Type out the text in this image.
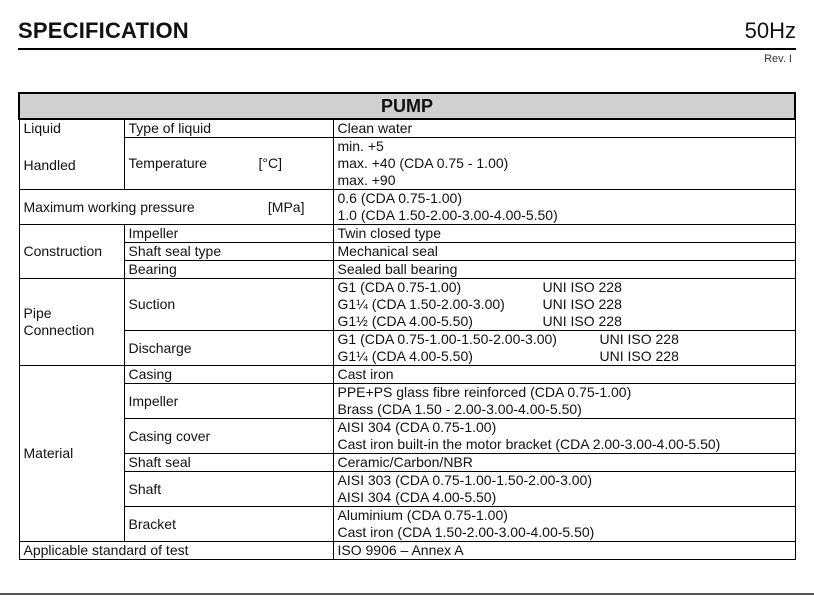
SPECIFICATION	50Hz
Rev. I
PUMP		

Liquid
Handled	Type of liquid	Clean water
	Temperature [°C]	min. +5
max. +40 (CDA 0.75 - 1.00)
max. +90

Maximum working pressure [MPa]		0.6 (CDA 0.75-1.00)
1.0 (CDA 1.50-2.00-3.00-4.00-5.50)

Construction	Impeller	Twin closed type
	Shaft seal type	Mechanical seal
	Bearing	Sealed ball bearing

Pipe
Connection	Suction	G1 (CDA 0.75-1.00) UNI ISO 228
G1¼ (CDA 1.50-2.00-3.00) UNI ISO 228
G1½ (CDA 4.00-5.50) UNI ISO 228

	Discharge	G1 (CDA 0.75-1.00-1.50-2.00-3.00) UNI ISO 228
G1¼ (CDA 4.00-5.50) UNI ISO 228

Material	Casing	Cast iron
	Impeller	PPE+PS glass fibre reinforced (CDA 0.75-1.00)
Brass (CDA 1.50 - 2.00-3.00-4.00-5.50)

	Casing cover	AISI 304 (CDA 0.75-1.00)
Cast iron built-in the motor bracket (CDA 2.00-3.00-4.00-5.50)

	Shaft seal	Ceramic/Carbon/NBR
	Shaft	AISI 303 (CDA 0.75-1.00-1.50-2.00-3.00)
AISI 304 (CDA 4.00-5.50)

	Bracket	Aluminium (CDA 0.75-1.00)
Cast iron (CDA 1.50-2.00-3.00-4.00-5.50)

Applicable standard of test		ISO 9906 – Annex A
